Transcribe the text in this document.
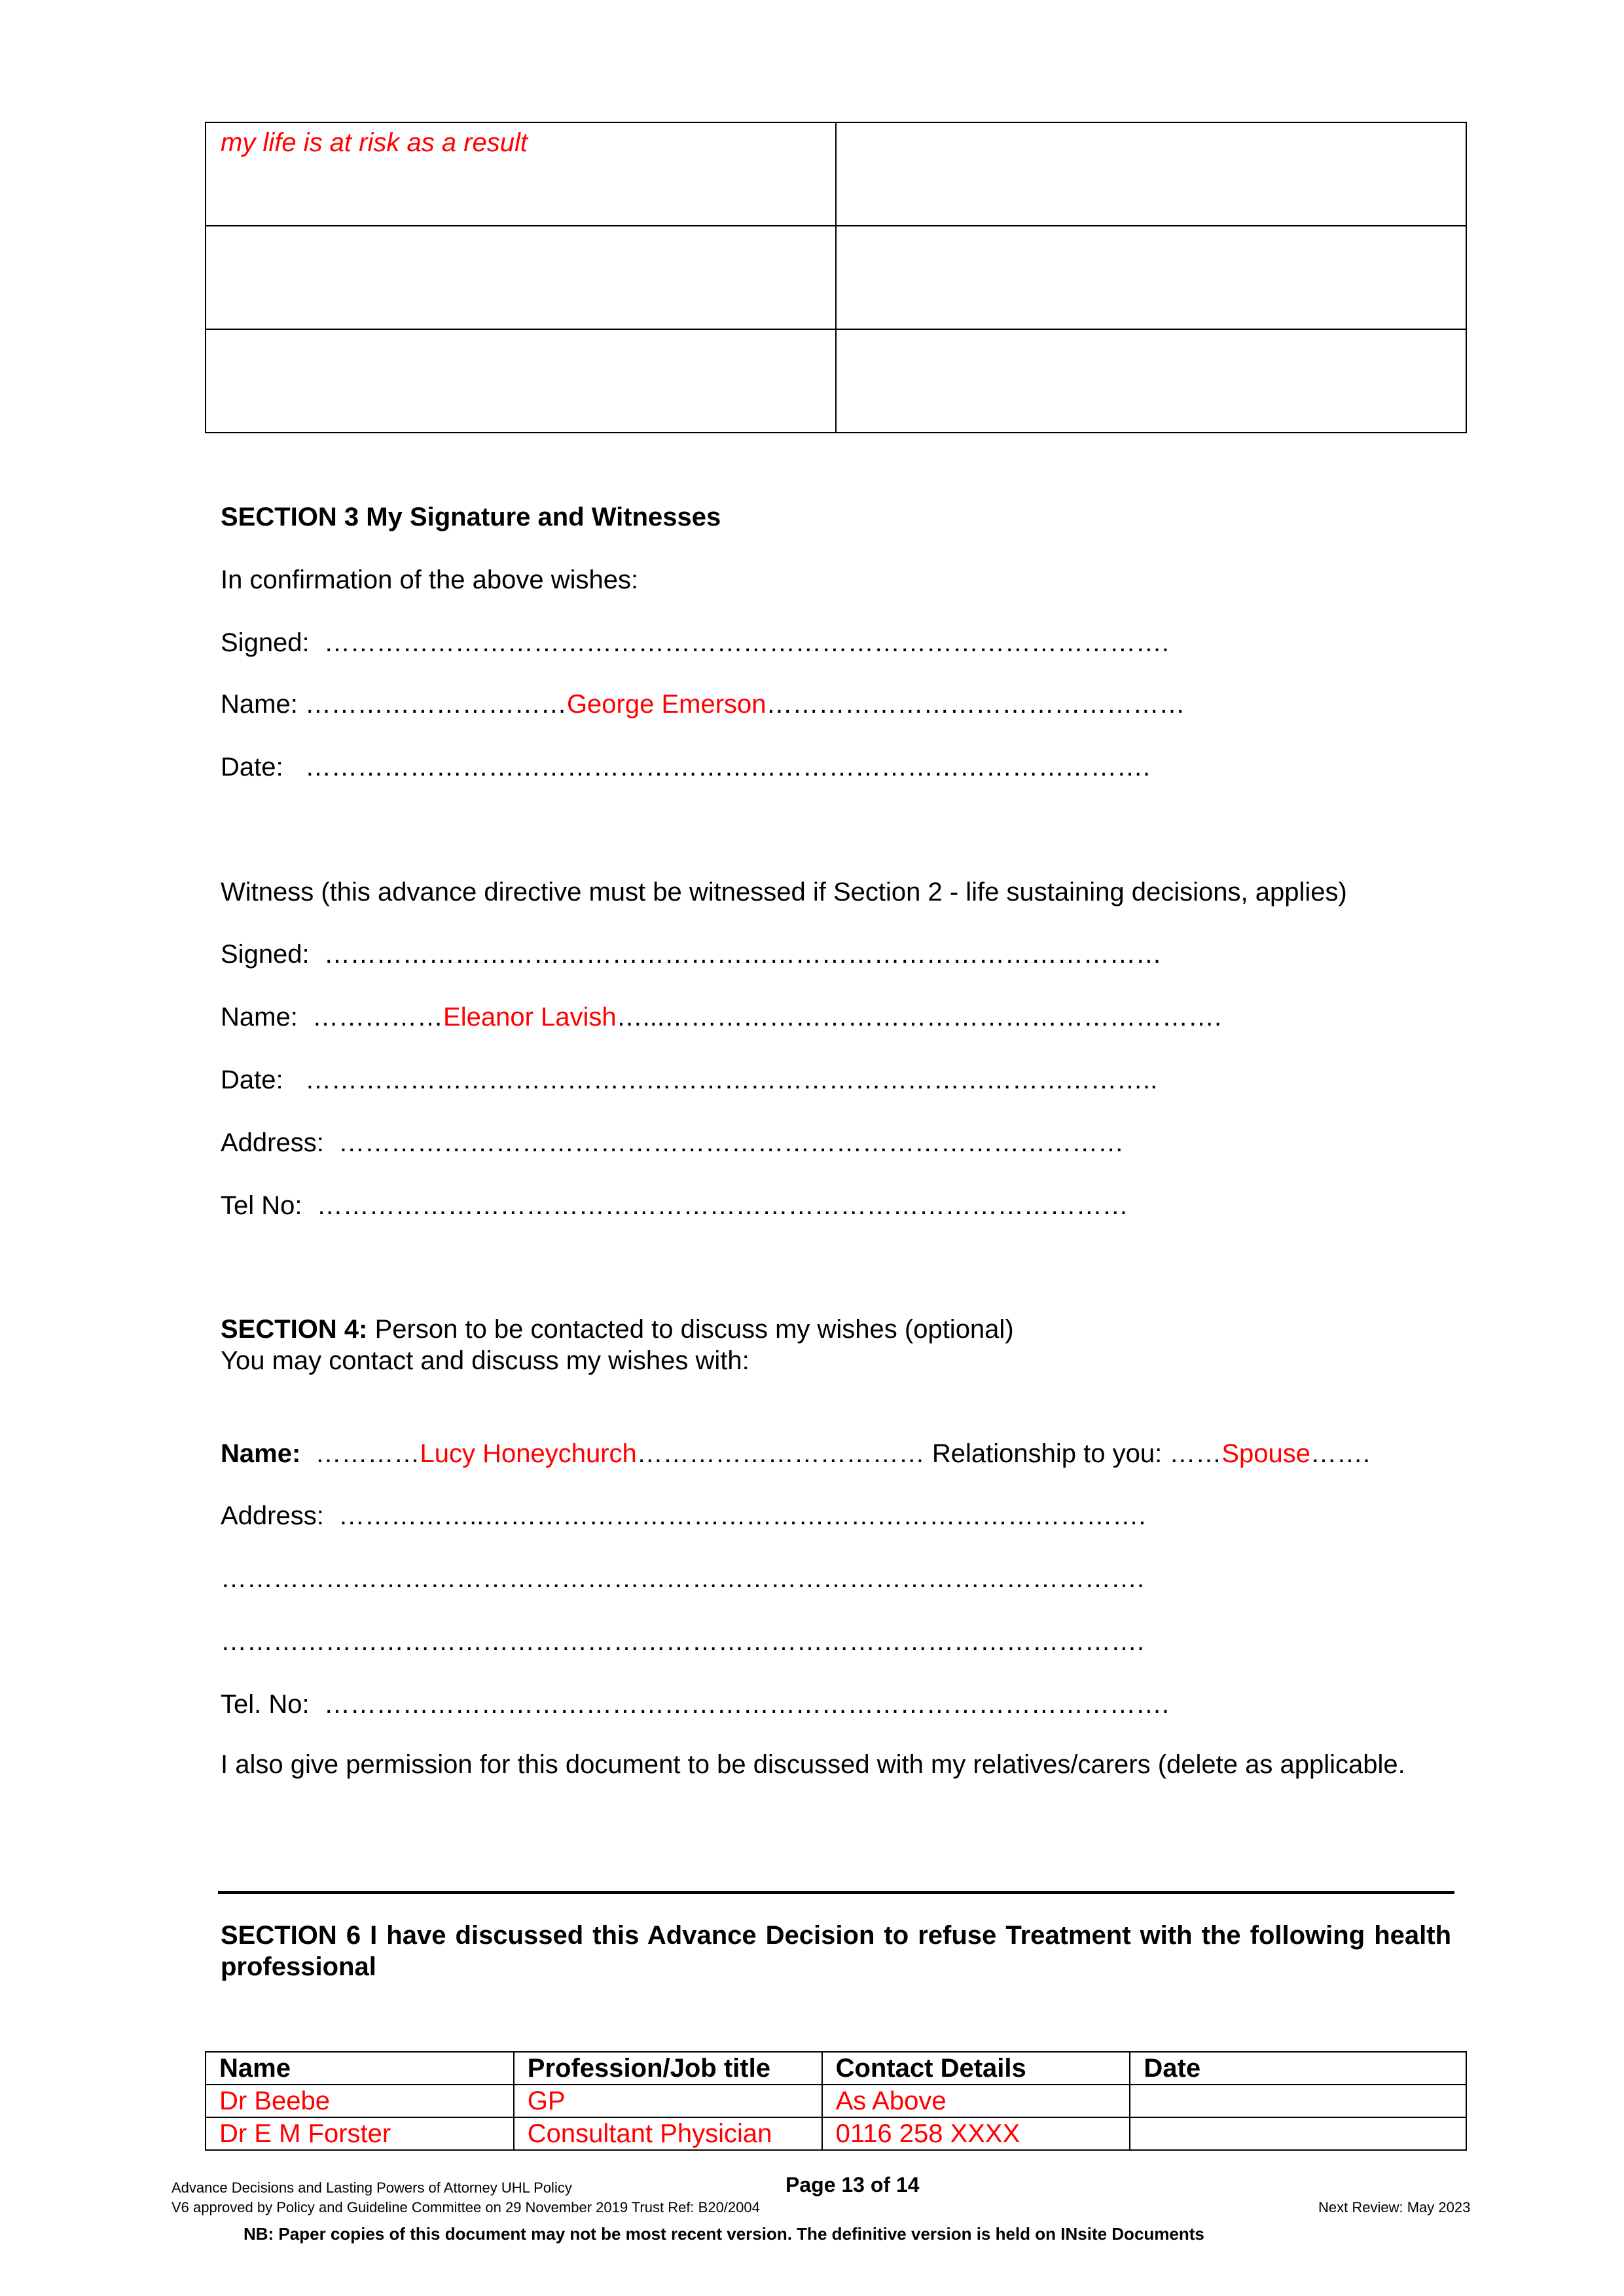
my life is at risk as a result	

SECTION 3 My Signature and Witnesses
In confirmation of the above wishes:
Signed:  …………………………………………………………………………………….
Name: …………………………George Emerson…………………………………………
Date:   …………………………………………………………………………………….
Witness (this advance directive must be witnessed if Section 2 - life sustaining decisions, applies)
Signed:  ……………………………………………………………………………………
Name:  ……………Eleanor Lavish…...……………………………………………………….
Date:   ……………………………………………………………………………………..
Address:  ………………………………………………………………………………
Tel No:  …………………………………………………………………………………
SECTION 4: Person to be contacted to discuss my wishes (optional)
You may contact and discuss my wishes with:
Name:  …………Lucy Honeychurch…………………………… Relationship to you: ……Spouse…….
Address:  ……………..………………………………………………………………….
…………………………………………………………………………………………….
…………………………………………………………………………………………….
Tel. No:  …………………………………………………………………………………….
I also give permission for this document to be discussed with my relatives/carers (delete as applicable.
SECTION 6 I have discussed this Advance Decision to refuse Treatment with the following health professional
Name	Profession/Job title	Contact Details	Date
Dr Beebe	GP	As Above	
Dr E M Forster	Consultant Physician	0116 258 XXXX	
Advance Decisions and Lasting Powers of Attorney UHL Policy
V6 approved by Policy and Guideline Committee on 29 November 2019 Trust Ref: B20/2004
Page 13 of 14
Next Review: May 2023
NB: Paper copies of this document may not be most recent version. The definitive version is held on INsite Documents
